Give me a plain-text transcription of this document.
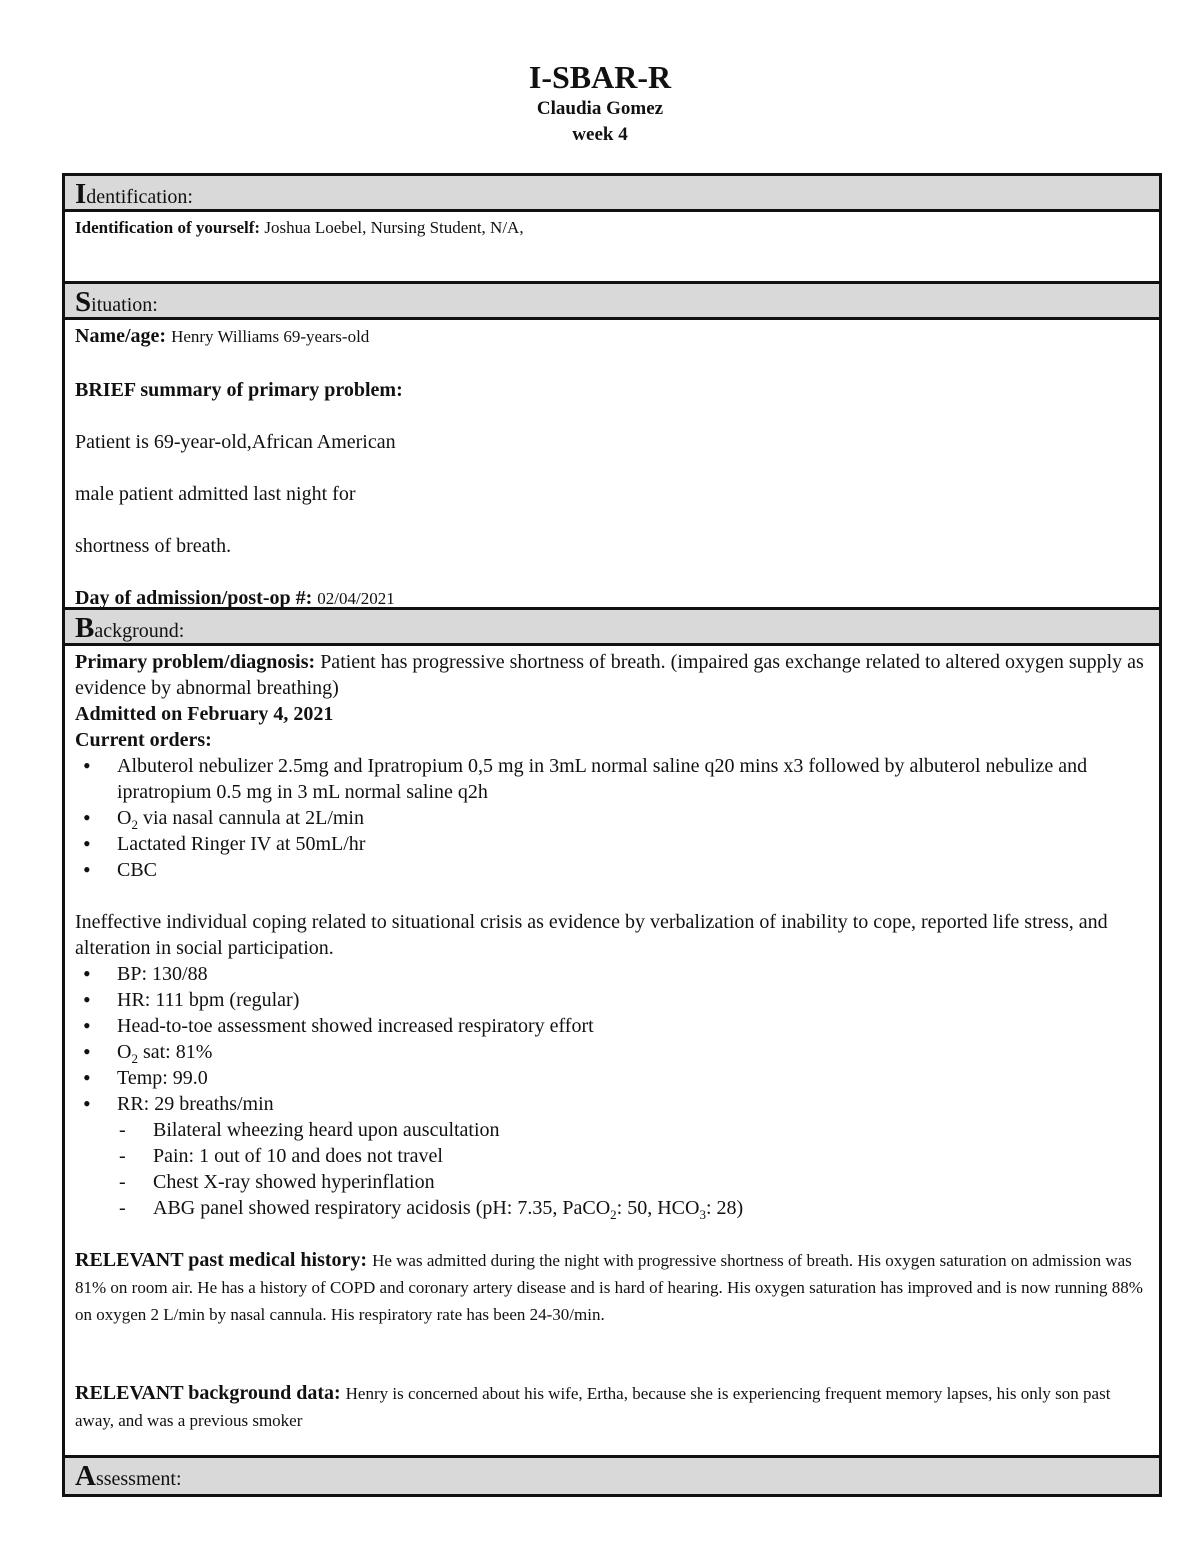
I-SBAR-R
Claudia Gomez
week 4
Identification:
Identification of yourself: Joshua Loebel, Nursing Student, N/A,
Situation:
Name/age: Henry Williams 69-years-old
BRIEF summary of primary problem:
Patient is 69-year-old,African American
male patient admitted last night for
shortness of breath.
Day of admission/post-op #: 02/04/2021
Background:
Primary problem/diagnosis: Patient has progressive shortness of breath. (impaired gas exchange related to altered oxygen supply as evidence by abnormal breathing)
Admitted on February 4, 2021
Current orders:
• Albuterol nebulizer 2.5mg and Ipratropium 0,5 mg in 3mL normal saline q20 mins x3 followed by albuterol nebulize and ipratropium 0.5 mg in 3 mL normal saline q2h
• $O_2$ via nasal cannula at 2L/min
• Lactated Ringer IV at 50mL/hr
• CBC
Ineffective individual coping related to situational crisis as evidence by verbalization of inability to cope, reported life stress, and alteration in social participation.
• BP: 130/88
• HR: 111 bpm (regular)
• Head-to-toe assessment showed increased respiratory effort
• $O_2$ sat: 81%
• Temp: 99.0
• RR: 29 breaths/min
- Bilateral wheezing heard upon auscultation
- Pain: 1 out of 10 and does not travel
- Chest X-ray showed hyperinflation
- ABG panel showed respiratory acidosis (pH: 7.35, PaCO$_2$: 50, $HCO_3$: 28)
RELEVANT past medical history: He was admitted during the night with progressive shortness of breath. His oxygen saturation on admission was 81% on room air. He has a history of COPD and coronary artery disease and is hard of hearing. His oxygen saturation has improved and is now running 88% on oxygen 2 L/min by nasal cannula. His respiratory rate has been 24-30/min.
RELEVANT background data: Henry is concerned about his wife, Ertha, because she is experiencing frequent memory lapses, his only son past away, and was a previous smoker
Assessment:
